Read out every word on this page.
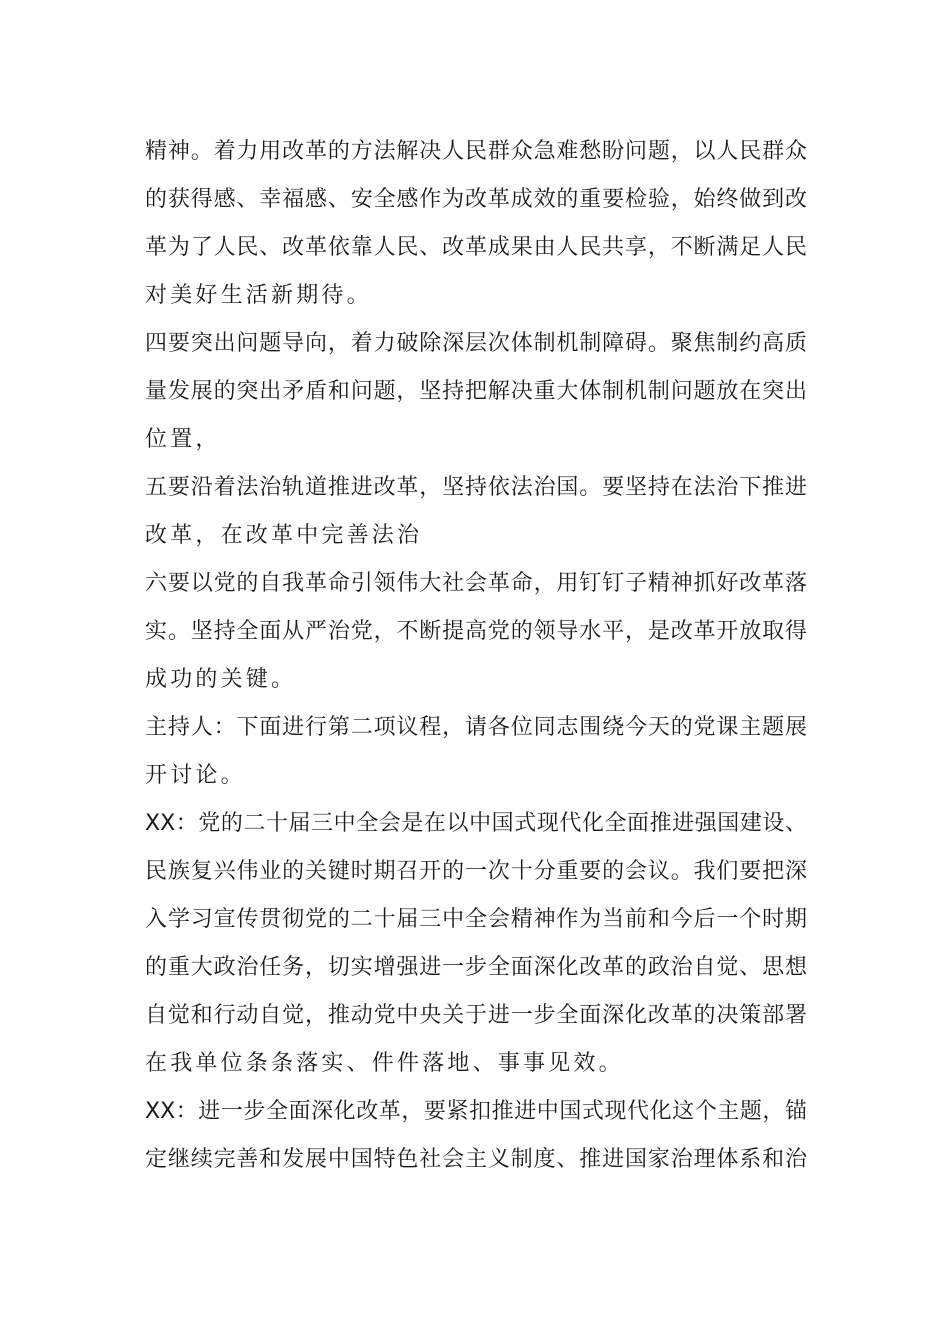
精神。着力用改革的方法解决人民群众急难愁盼问题，以人民群众
的获得感、幸福感、安全感作为改革成效的重要检验，始终做到改
革为了人民、改革依靠人民、改革成果由人民共享，不断满足人民
对美好生活新期待。
四要突出问题导向，着力破除深层次体制机制障碍。聚焦制约高质
量发展的突出矛盾和问题，坚持把解决重大体制机制问题放在突出
位置，
五要沿着法治轨道推进改革，坚持依法治国。要坚持在法治下推进
改革，在改革中完善法治
六要以党的自我革命引领伟大社会革命，用钉钉子精神抓好改革落
实。坚持全面从严治党，不断提高党的领导水平，是改革开放取得
成功的关键。
主持人：下面进行第二项议程，请各位同志围绕今天的党课主题展
开讨论。
XX：党的二十届三中全会是在以中国式现代化全面推进强国建设、
民族复兴伟业的关键时期召开的一次十分重要的会议。我们要把深
入学习宣传贯彻党的二十届三中全会精神作为当前和今后一个时期
的重大政治任务，切实增强进一步全面深化改革的政治自觉、思想
自觉和行动自觉，推动党中央关于进一步全面深化改革的决策部署
在我单位条条落实、件件落地、事事见效。
XX：进一步全面深化改革，要紧扣推进中国式现代化这个主题，锚
定继续完善和发展中国特色社会主义制度、推进国家治理体系和治
